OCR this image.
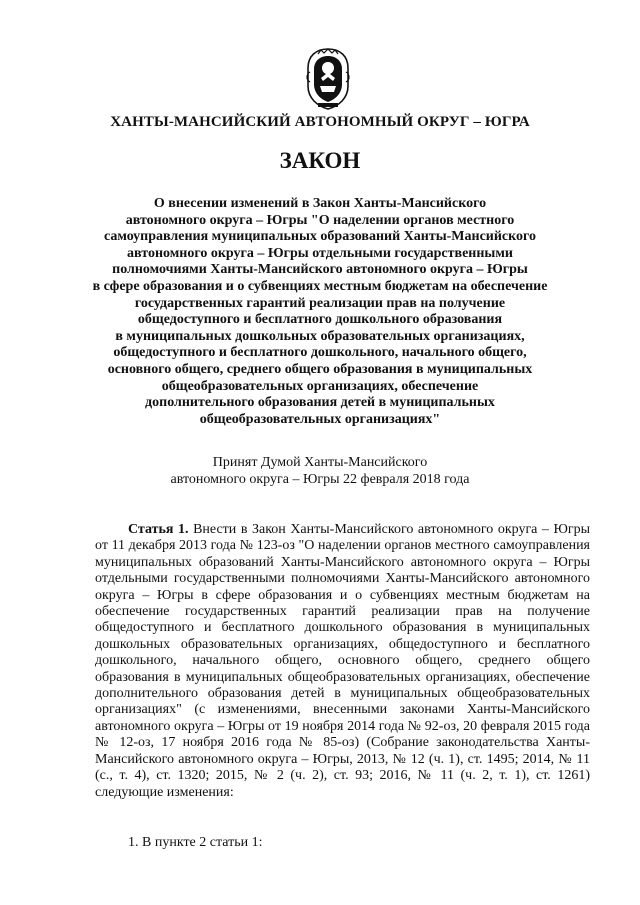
ХАНТЫ-МАНСИЙСКИЙ АВТОНОМНЫЙ ОКРУГ – ЮГРА
ЗАКОН

О внесении изменений в Закон Ханты-Мансийского
автономного округа – Югры "О наделении органов местного
самоуправления муниципальных образований Ханты-Мансийского
автономного округа – Югры отдельными государственными
полномочиями Ханты-Мансийского автономного округа – Югры
в сфере образования и о субвенциях местным бюджетам на обеспечение
государственных гарантий реализации прав на получение
общедоступного и бесплатного дошкольного образования
в муниципальных дошкольных образовательных организациях,
общедоступного и бесплатного дошкольного, начального общего,
основного общего, среднего общего образования в муниципальных
общеобразовательных организациях, обеспечение
дополнительного образования детей в муниципальных
общеобразовательных организациях"

Принят Думой Ханты-Мансийского
автономного округа – Югры 22 февраля 2018 года

Статья 1. Внести в Закон Ханты-Мансийского автономного округа – Югры от 11 декабря 2013 года № 123-оз "О наделении органов местного самоуправления муниципальных образований Ханты-Мансийского автономного округа – Югры отдельными государственными полномочиями Ханты-Мансийского автономного округа – Югры в сфере образования и о субвенциях местным бюджетам на обеспечение государственных гарантий реализации прав на получение общедоступного и бесплатного дошкольного образования в муниципальных дошкольных образовательных организациях, общедоступного и бесплатного дошкольного, начального общего, основного общего, среднего общего образования в муниципальных общеобразовательных организациях, обеспечение дополнительного образования детей в муниципальных общеобразовательных организациях" (с изменениями, внесенными законами Ханты-Мансийского автономного округа – Югры от 19 ноября 2014 года № 92-оз, 20 февраля 2015 года № 12-оз, 17 ноября 2016 года № 85-оз) (Собрание законодательства Ханты-Мансийского автономного округа – Югры, 2013, № 12 (ч. 1), ст. 1495; 2014, № 11 (с., т. 4), ст. 1320; 2015, № 2 (ч. 2), ст. 93; 2016, № 11 (ч. 2, т. 1), ст. 1261) следующие изменения:

1. В пункте 2 статьи 1:
